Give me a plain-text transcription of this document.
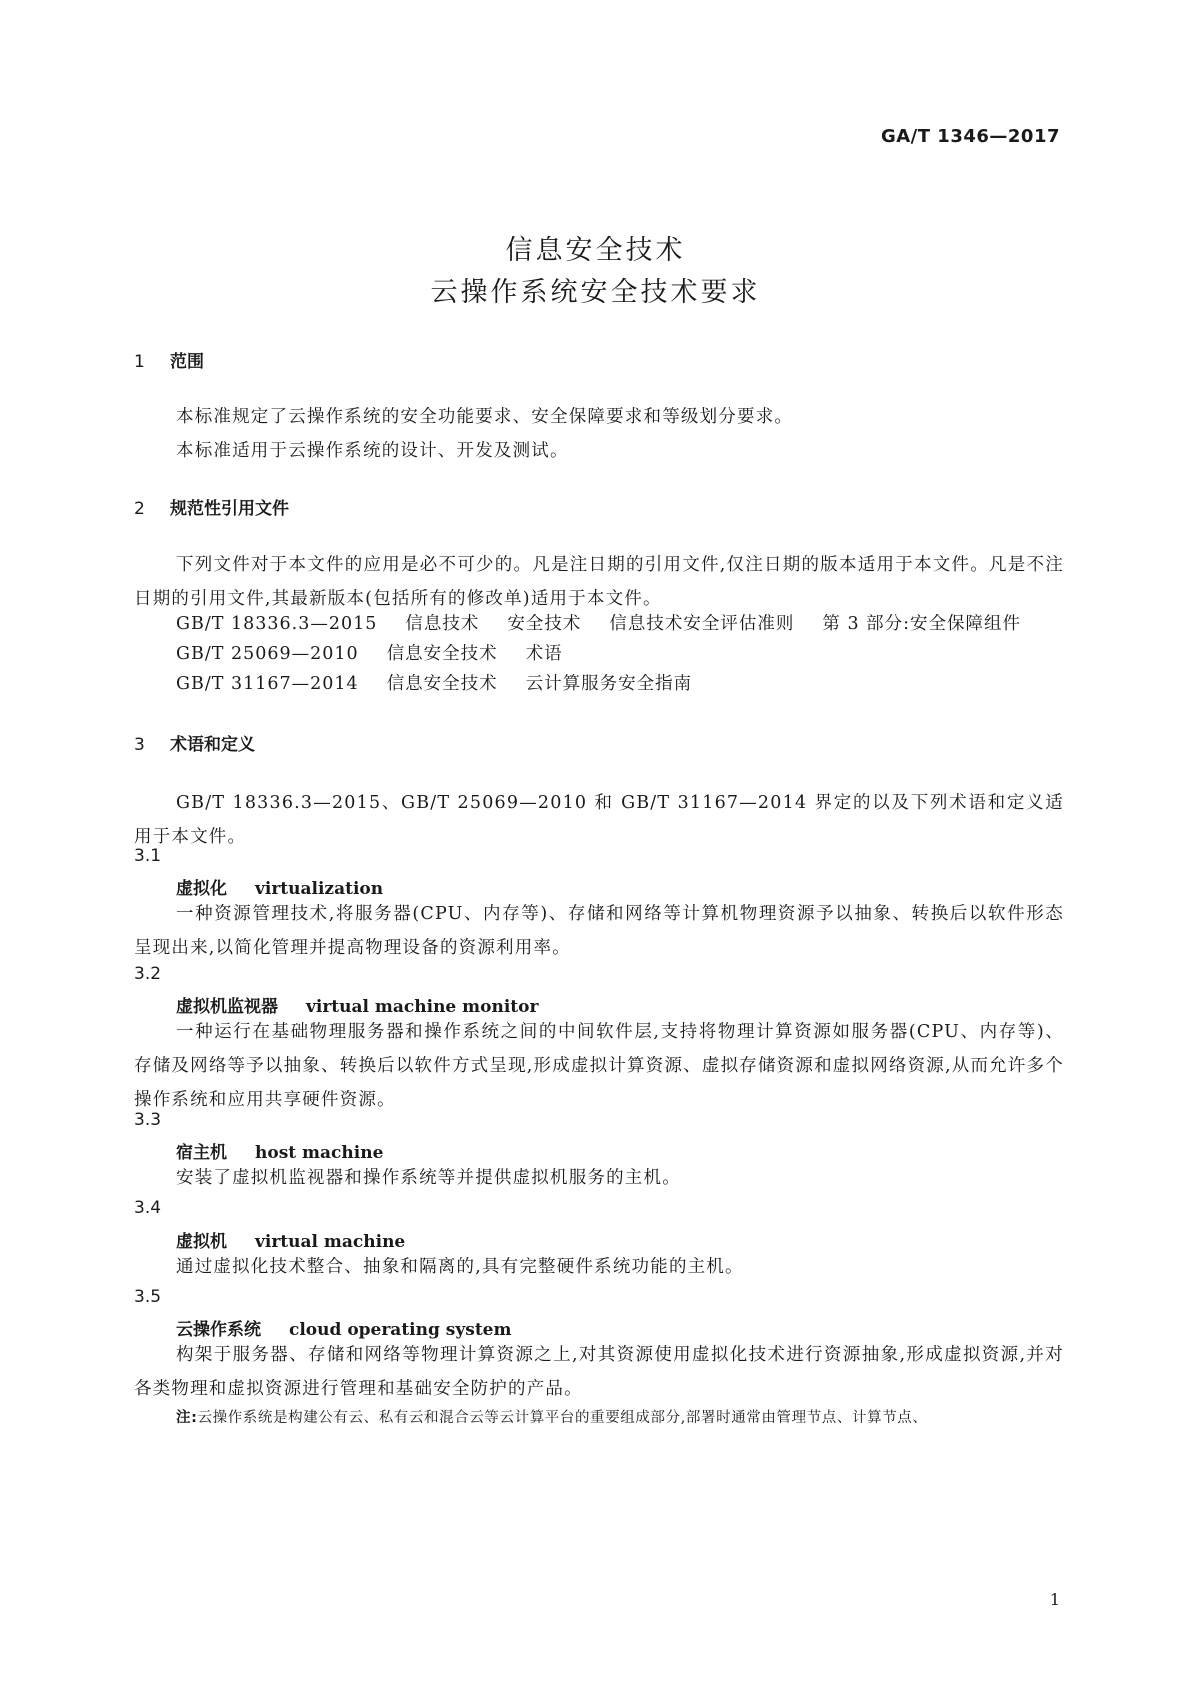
GA/T 1346—2017
信息安全技术
云操作系统安全技术要求
1 范围
本标准规定了云操作系统的安全功能要求、安全保障要求和等级划分要求。
本标准适用于云操作系统的设计、开发及测试。
2 规范性引用文件
下列文件对于本文件的应用是必不可少的。凡是注日期的引用文件,仅注日期的版本适用于本文件。凡是不注日期的引用文件,其最新版本(包括所有的修改单)适用于本文件。
GB/T 18336.3—2015 信息技术 安全技术 信息技术安全评估准则 第 3 部分:安全保障组件
GB/T 25069—2010 信息安全技术 术语
GB/T 31167—2014 信息安全技术 云计算服务安全指南
3 术语和定义
GB/T 18336.3—2015、GB/T 25069—2010 和 GB/T 31167—2014 界定的以及下列术语和定义适用于本文件。
3.1
虚拟化 virtualization
一种资源管理技术,将服务器(CPU、内存等)、存储和网络等计算机物理资源予以抽象、转换后以软件形态呈现出来,以简化管理并提高物理设备的资源利用率。
3.2
虚拟机监视器 virtual machine monitor
一种运行在基础物理服务器和操作系统之间的中间软件层,支持将物理计算资源如服务器(CPU、内存等)、存储及网络等予以抽象、转换后以软件方式呈现,形成虚拟计算资源、虚拟存储资源和虚拟网络资源,从而允许多个操作系统和应用共享硬件资源。
3.3
宿主机 host machine
安装了虚拟机监视器和操作系统等并提供虚拟机服务的主机。
3.4
虚拟机 virtual machine
通过虚拟化技术整合、抽象和隔离的,具有完整硬件系统功能的主机。
3.5
云操作系统 cloud operating system
构架于服务器、存储和网络等物理计算资源之上,对其资源使用虚拟化技术进行资源抽象,形成虚拟资源,并对各类物理和虚拟资源进行管理和基础安全防护的产品。
注:云操作系统是构建公有云、私有云和混合云等云计算平台的重要组成部分,部署时通常由管理节点、计算节点、
1
